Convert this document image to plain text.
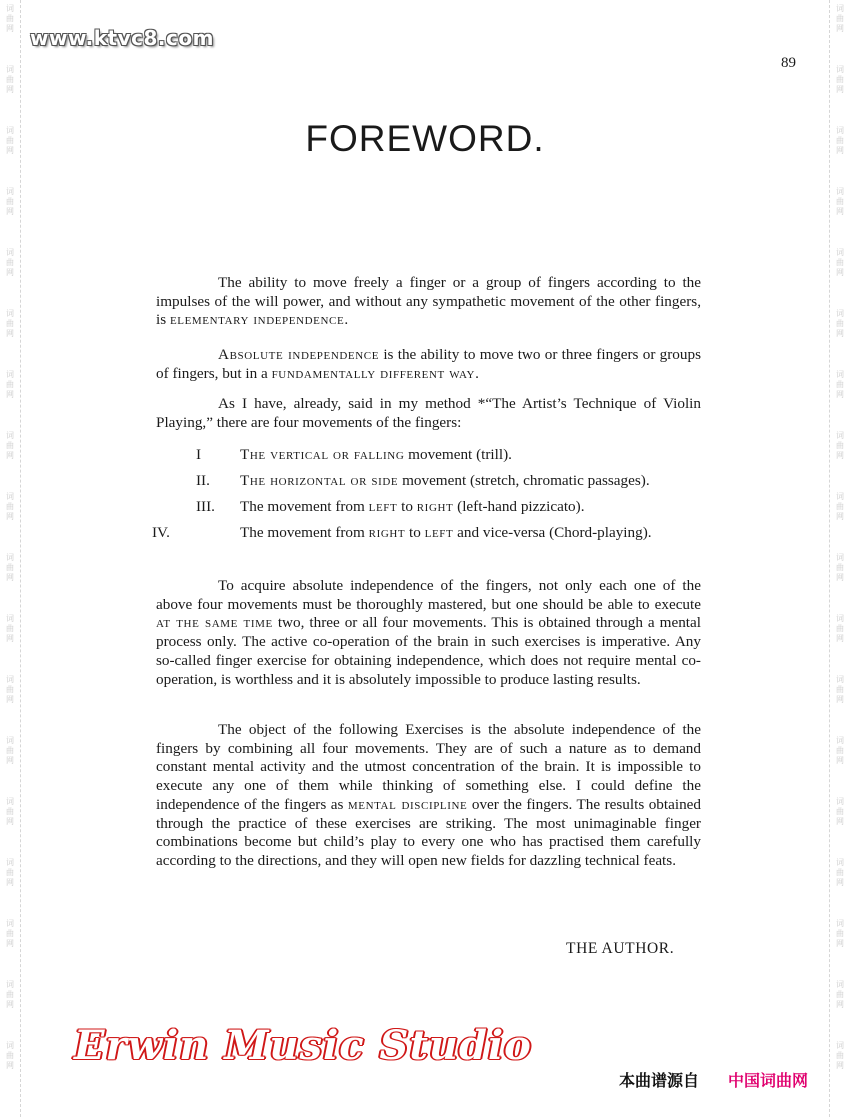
www.ktvc8.com
89
FOREWORD.

The ability to move freely a finger or a group of fingers according to the impulses of the will power, and without any sympathetic movement of the other fingers, is elementary independence.

Absolute independence is the ability to move two or three fingers or groups of fingers, but in a fundamentally different way.

As I have, already, said in my method *“The Artist’s Technique of Violin Playing,” there are four movements of the fingers:

I	The vertical or falling movement (trill).
II. The horizontal or side movement (stretch, chromatic passages).
III. The movement from left to right (left-hand pizzicato).
IV.	The movement from right to left and vice-versa (Chord-playing).

To acquire absolute independence of the fingers, not only each one of the above four movements must be thoroughly mastered, but one should be able to execute at the same time two, three or all four movements. This is obtained through a mental process only. The active co-operation of the brain in such exercises is imperative. Any so-called finger exercise for obtaining independence, which does not require mental co-operation, is worthless and it is absolutely impossible to produce lasting results.

The object of the following Exercises is the absolute independence of the fingers by combining all four movements. They are of such a nature as to demand constant mental activity and the utmost concentration of the brain. It is impossible to execute any one of them while thinking of something else. I could define the independence of the fingers as mental discipline over the fingers. The results obtained through the practice of these exercises are striking. The most unimaginable finger combinations become but child’s play to every one who has practised them carefully according to the directions, and they will open new fields for dazzling technical feats.

THE AUTHOR.
Erwin Music Studio
本曲谱源自 中国词曲网
词
曲
网
词
曲
网
词
曲
网
词
曲
网
词
曲
网
词
曲
网
词
曲
网
词
曲
网
词
曲
网
词
曲
网
词
曲
网
词
曲
网
词
曲
网
词
曲
网
词
曲
网
词
曲
网
词
曲
网
词
曲
网
词
曲
网
词
曲
网
词
曲
网
词
曲
网
词
曲
网
词
曲
网
词
曲
网
词
曲
网
词
曲
网
词
曲
网
词
曲
网
词
曲
网
词
曲
网
词
曲
网
词
曲
网
词
曲
网
词
曲
网
词
曲
网
